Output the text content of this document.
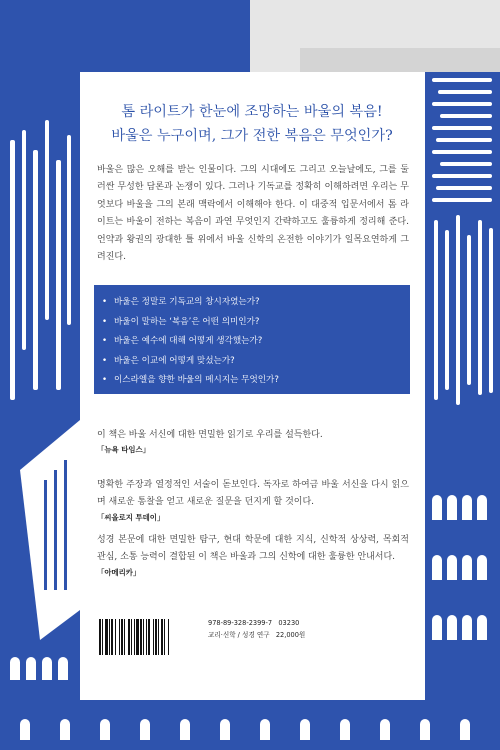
톰 라이트가 한눈에 조망하는 바울의 복음!
바울은 누구이며, 그가 전한 복음은 무엇인가?
바울은 많은 오해를 받는 인물이다. 그의 시대에도 그리고 오늘날에도, 그를 둘러싼 무성한 담론과 논쟁이 있다. 그러나 기독교를 정확히 이해하려면 우리는 무엇보다 바울을 그의 본래 맥락에서 이해해야 한다. 이 대중적 입문서에서 톰 라이트는 바울이 전하는 복음이 과연 무엇인지 간략하고도 훌륭하게 정리해 준다. 언약과 왕권의 광대한 틀 위에서 바울 신학의 온전한 이야기가 일목요연하게 그려진다.
• 바울은 정말로 기독교의 창시자였는가?
• 바울이 말하는 ‘복음’은 어떤 의미인가?
• 바울은 예수에 대해 어떻게 생각했는가?
• 바울은 이교에 어떻게 맞섰는가?
• 이스라엘을 향한 바울의 메시지는 무엇인가?
이 책은 바울 서신에 대한 면밀한 읽기로 우리를 설득한다.
「뉴욕 타임스」
명확한 주장과 열정적인 서술이 돋보인다. 독자로 하여금 바울 서신을 다시 읽으며 새로운 통찰을 얻고 새로운 질문을 던지게 할 것이다.
「씨올로지 투데이」
성경 본문에 대한 면밀한 탐구, 현대 학문에 대한 지식, 신학적 상상력, 목회적 관심, 소통 능력이 결합된 이 책은 바울과 그의 신학에 대한 훌륭한 안내서다.
「아메리카」
978-89-328-2399-7 03230
교리·신학 / 성경 연구 22,000원
